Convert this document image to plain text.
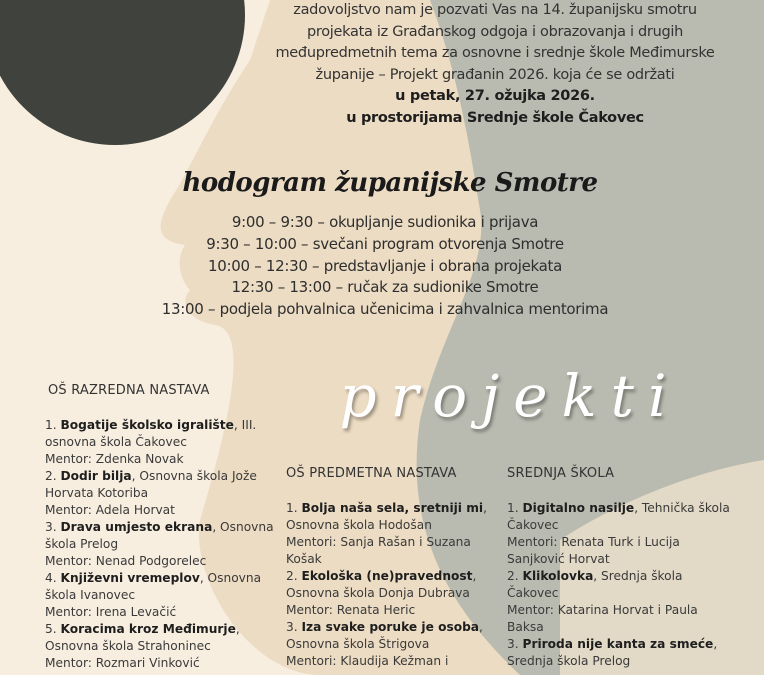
zadovoljstvo nam je pozvati Vas na 14. županijsku smotru
projekata iz Građanskog odgoja i obrazovanja i drugih
međupredmetnih tema za osnovne i srednje škole Međimurske
županije – Projekt građanin 2026. koja će se održati
u petak, 27. ožujka 2026.
u prostorijama Srednje škole Čakovec
hodogram županijske Smotre
9:00 – 9:30 – okupljanje sudionika i prijava
9:30 – 10:00 – svečani program otvorenja Smotre
10:00 – 12:30 – predstavljanje i obrana projekata
12:30 – 13:00 – ručak za sudionike Smotre
13:00 – podjela pohvalnica učenicima i zahvalnica mentorima
projekti
OŠ RAZREDNA NASTAVA
1. Bogatije školsko igralište, III. osnovna škola Čakovec
Mentor: Zdenka Novak
2. Dodir bilja, Osnovna škola Jože Horvata Kotoriba
Mentor: Adela Horvat
3. Drava umjesto ekrana, Osnovna škola Prelog
Mentor: Nenad Podgorelec
4. Književni vremeplov, Osnovna škola Ivanovec
Mentor: Irena Levačić
5. Koracima kroz Međimurje, Osnovna škola Strahoninec
Mentor: Rozmari Vinković
OŠ PREDMETNA NASTAVA
1. Bolja naša sela, sretniji mi, Osnovna škola Hodošan
Mentori: Sanja Rašan i Suzana Košak
2. Ekološka (ne)pravednost, Osnovna škola Donja Dubrava
Mentor: Renata Heric
3. Iza svake poruke je osoba, Osnovna škola Štrigova
Mentori: Klaudija Kežman i
SREDNJA ŠKOLA
1. Digitalno nasilje, Tehnička škola Čakovec
Mentori: Renata Turk i Lucija Sanjković Horvat
2. Klikolovka, Srednja škola Čakovec
Mentor: Katarina Horvat i Paula Baksa
3. Priroda nije kanta za smeće, Srednja škola Prelog
